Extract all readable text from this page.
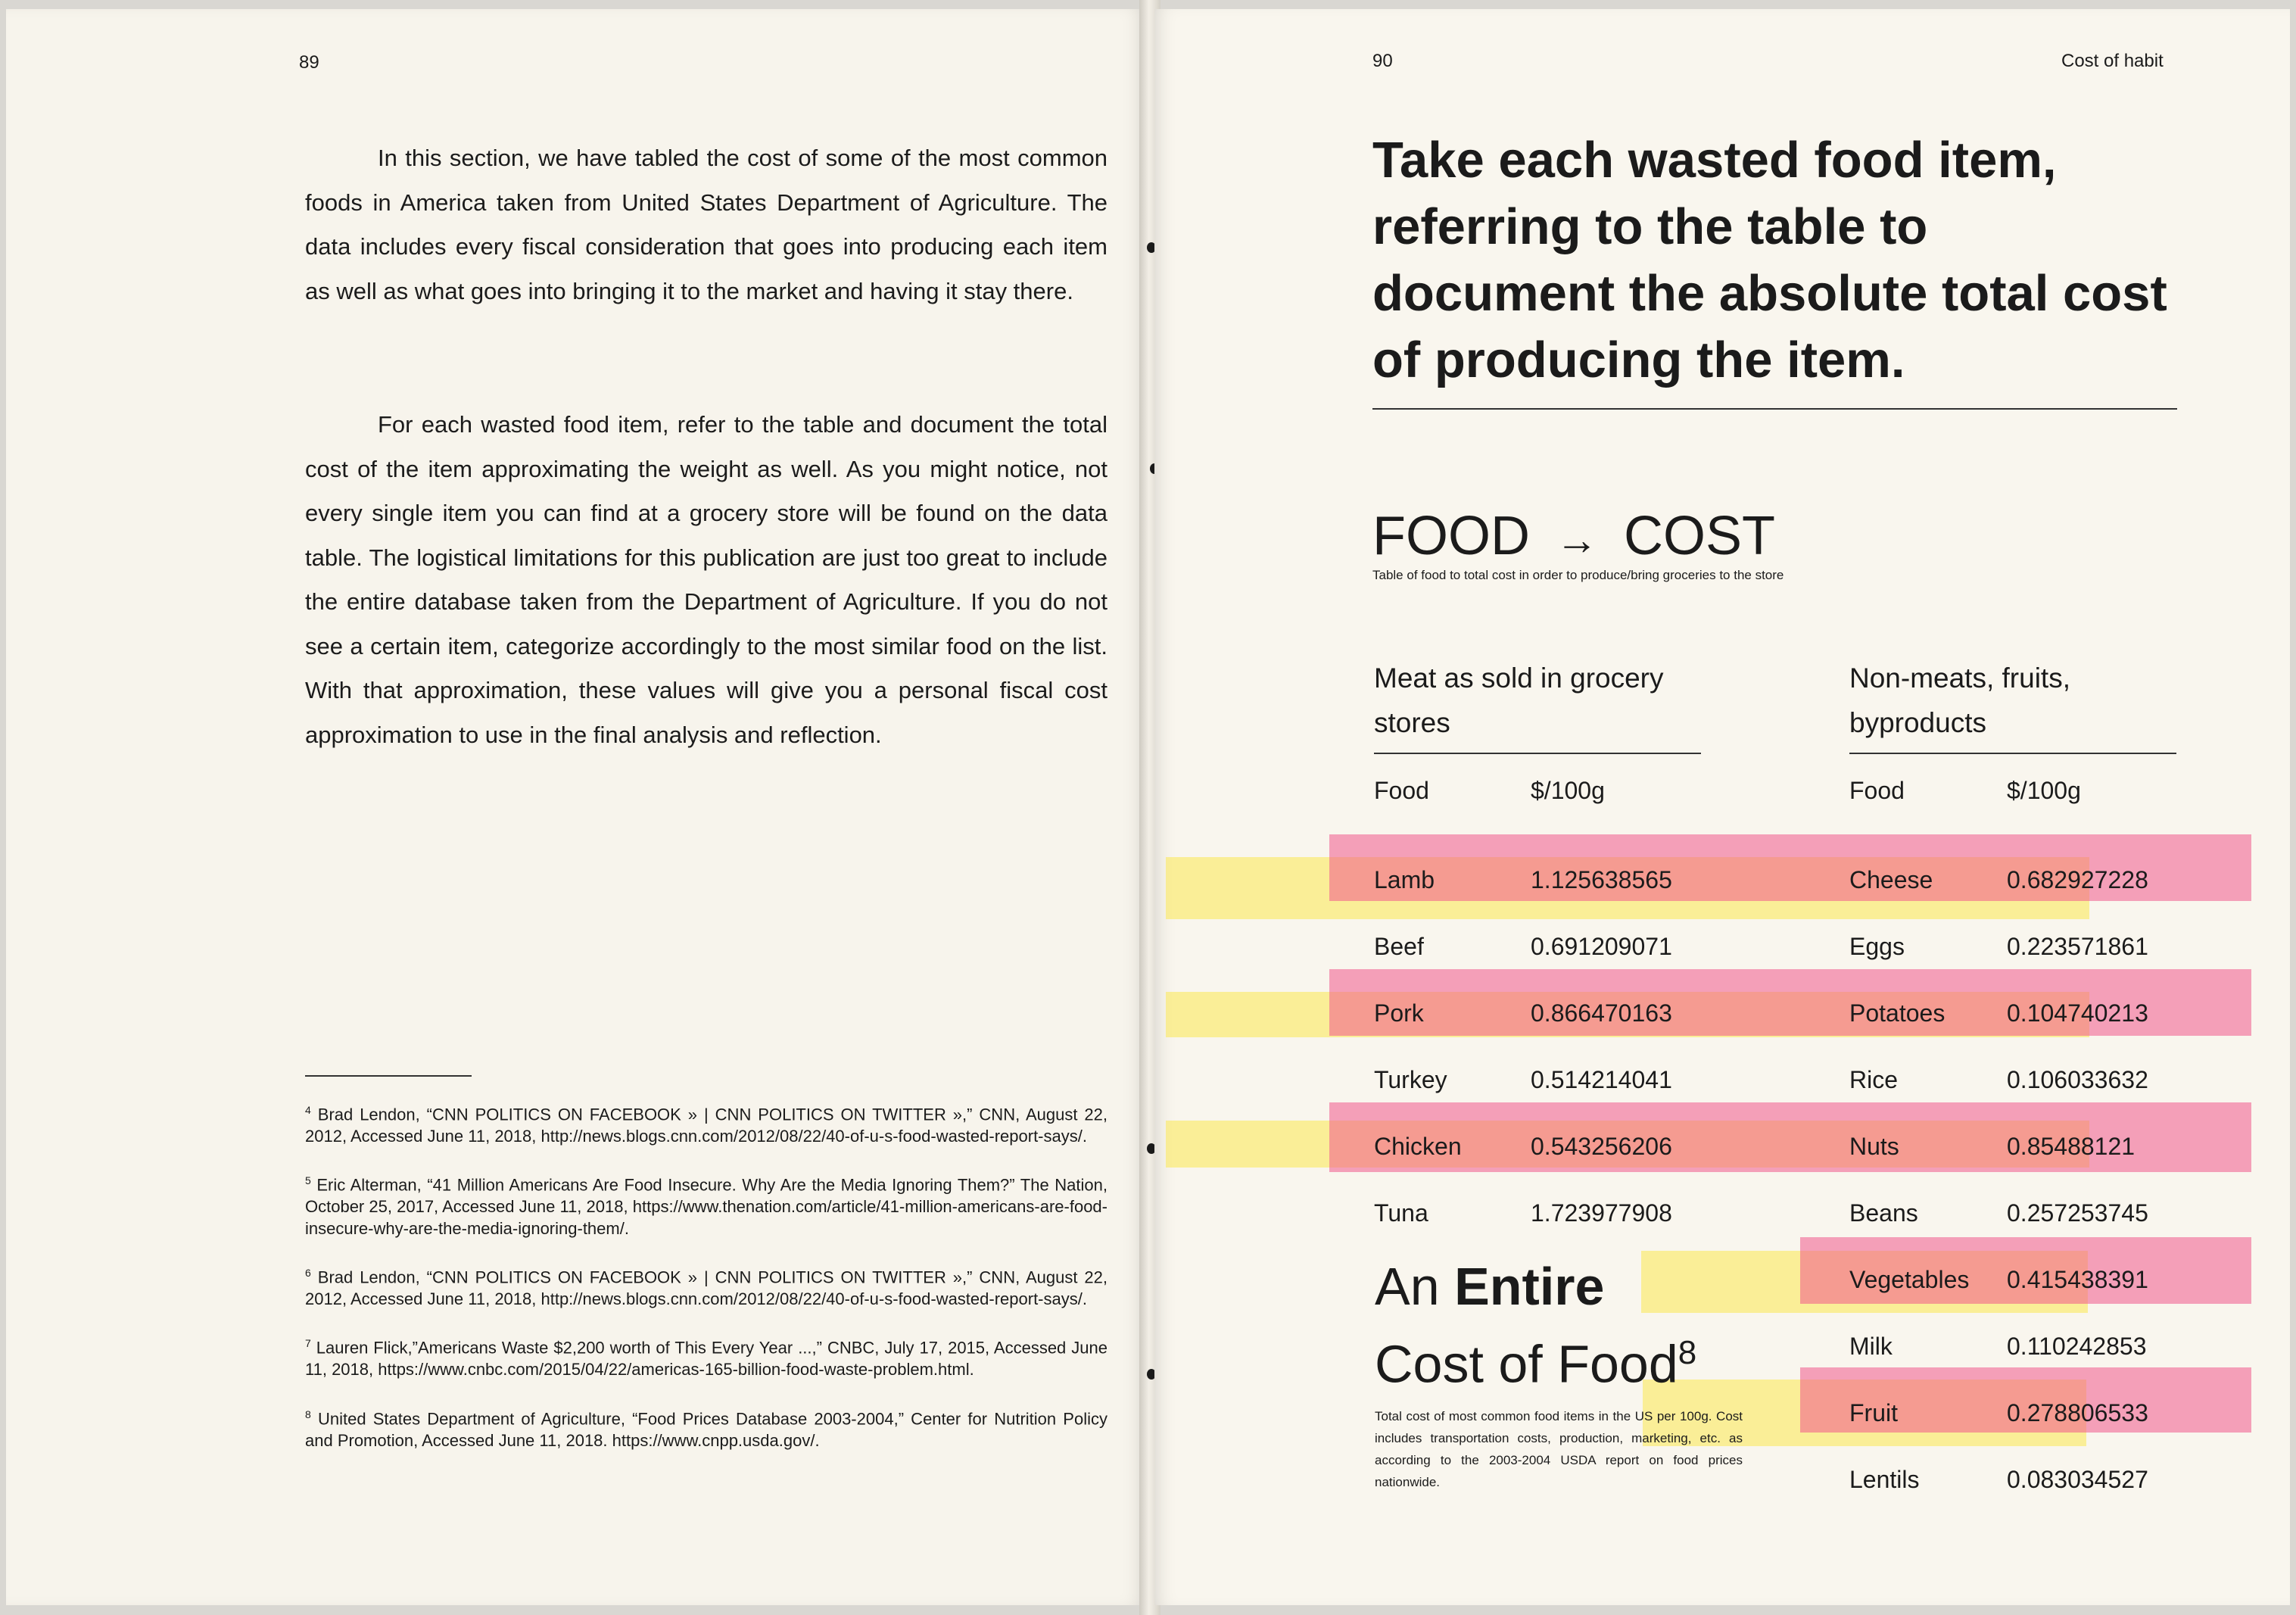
89

In this section, we have tabled the cost of some of the most common foods in America taken from United States Department of Agriculture. The data includes every fiscal consideration that goes into producing each item as well as what goes into bringing it to the market and having it stay there.

For each wasted food item, refer to the table and document the total cost of the item approximating the weight as well. As you might notice, not every single item you can find at a grocery store will be found on the data table. The logistical limitations for this publication are just too great to include the entire database taken from the Department of Agriculture. If you do not see a certain item, categorize accordingly to the most similar food on the list. With that approximation, these values will give you a personal fiscal cost approximation to use in the final analysis and reflection.

$^4$ Brad Lendon, “CNN POLITICS ON FACEBOOK » | CNN POLITICS ON TWITTER »,” CNN, August 22, 2012, Accessed June 11, 2018, http://news.blogs.cnn.com/2012/08/22/40-of-u-s-food-wasted-report-says/.

$^5$ Eric Alterman, “41 Million Americans Are Food Insecure. Why Are the Media Ignoring Them?” The Nation, October 25, 2017, Accessed June 11, 2018, https://www.thenation.com/article/41-million-americans-are-food-insecure-why-are-the-media-ignoring-them/.

$^6$ Brad Lendon, “CNN POLITICS ON FACEBOOK » | CNN POLITICS ON TWITTER »,” CNN, August 22, 2012, Accessed June 11, 2018, http://news.blogs.cnn.com/2012/08/22/40-of-u-s-food-wasted-report-says/.

$^7$ Lauren Flick,”Americans Waste $2,200 worth of This Every Year ...,” CNBC, July 17, 2015, Accessed June 11, 2018, https://www.cnbc.com/2015/04/22/americas-165-billion-food-waste-problem.html.

$^8$ United States Department of Agriculture, “Food Prices Database 2003-2004,” Center for Nutrition Policy and Promotion, Accessed June 11, 2018. https://www.cnpp.usda.gov/.

90	Cost of habit
Take each wasted food item, referring to the table to document the absolute total cost of producing the item.
FOOD → COST
Table of food to total cost in order to produce/bring groceries to the store
Meat as sold in grocery stores
Non-meats, fruits, byproducts
Food	$/100g	Food	$/100g
Lamb	1.125638565
Beef	0.691209071
Pork	0.866470163
Turkey	0.514214041
Chicken	0.543256206
Tuna	1.723977908
Cheese	0.682927228
Eggs	0.223571861
Potatoes	0.104740213
Rice	0.106033632
Nuts	0.85488121
Beans	0.257253745
Vegetables 0.415438391
Milk	0.110242853
Fruit	0.278806533
Lentils	0.083034527
An Entire
Cost of Food$^8$
Total cost of most common food items in the US per 100g. Cost includes transportation costs, production, marketing, etc. as according to the 2003-2004 USDA report on food prices nationwide.
